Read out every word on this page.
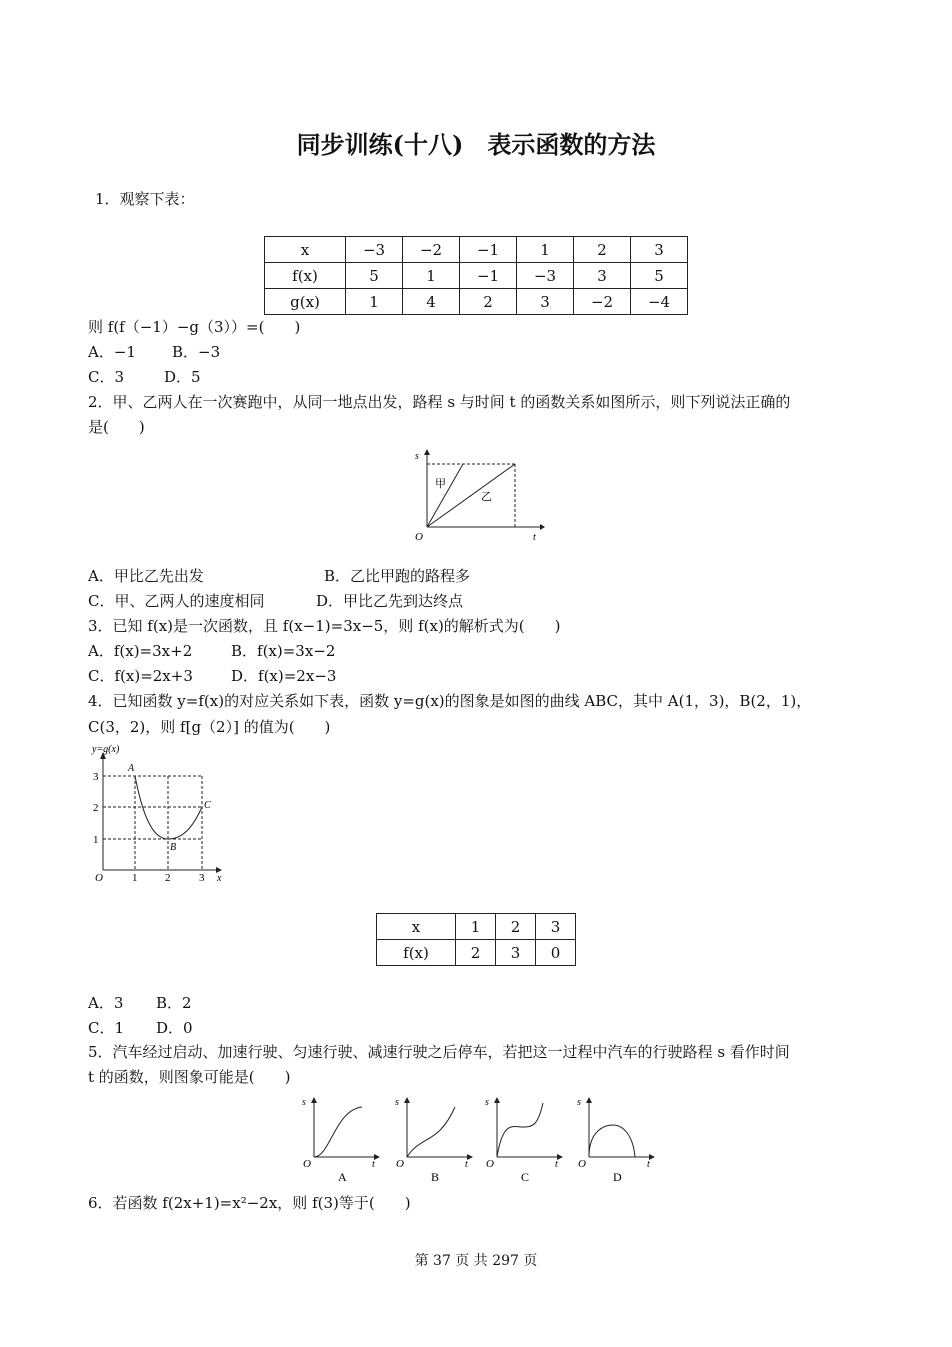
同步训练(十八)　表示函数的方法
1．观察下表：
x	−3	−2	−1	1	2	3
f(x)	5	1	−1	−3	3	5
g(x)	1	4	2	3	−2	−4
则 f(f（−1）−g（3））=(　　)
A．−1 B．−3
C．3	D．5
2．甲、乙两人在一次赛跑中，从同一地点出发，路程 s 与时间 t 的函数关系如图所示，则下列说法正确的
是(　　)
s
t
O
甲
乙
A．甲比乙先出发	B．乙比甲跑的路程多
C．甲、乙两人的速度相同	D．甲比乙先到达终点
3．已知 f(x)是一次函数，且 f(x−1)=3x−5，则 f(x)的解析式为(　　)
A．f(x)=3x+2	B．f(x)=3x−2
C．f(x)=2x+3	D．f(x)=2x−3
4．已知函数 y=f(x)的对应关系如下表，函数 y=g(x)的图象是如图的曲线 ABC，其中 A(1，3)，B(2，1)，
C(3，2)，则 f[g（2）] 的值为(　　)
y=g(x)
A
B
C
3
2
1
O	1	2	3 x
x	1	2	3
f(x)	2	3	0
A．3 B．2
C．1 D．0
5．汽车经过启动、加速行驶、匀速行驶、减速行驶之后停车，若把这一过程中汽车的行驶路程 s 看作时间
t 的函数，则图象可能是(　　)
s
t
O
A
s
t
O
B
s
t
O
C
s
t
O
D
6．若函数 f(2x+1)=x²−2x，则 f(3)等于(　　)
第 37 页 共 297 页
